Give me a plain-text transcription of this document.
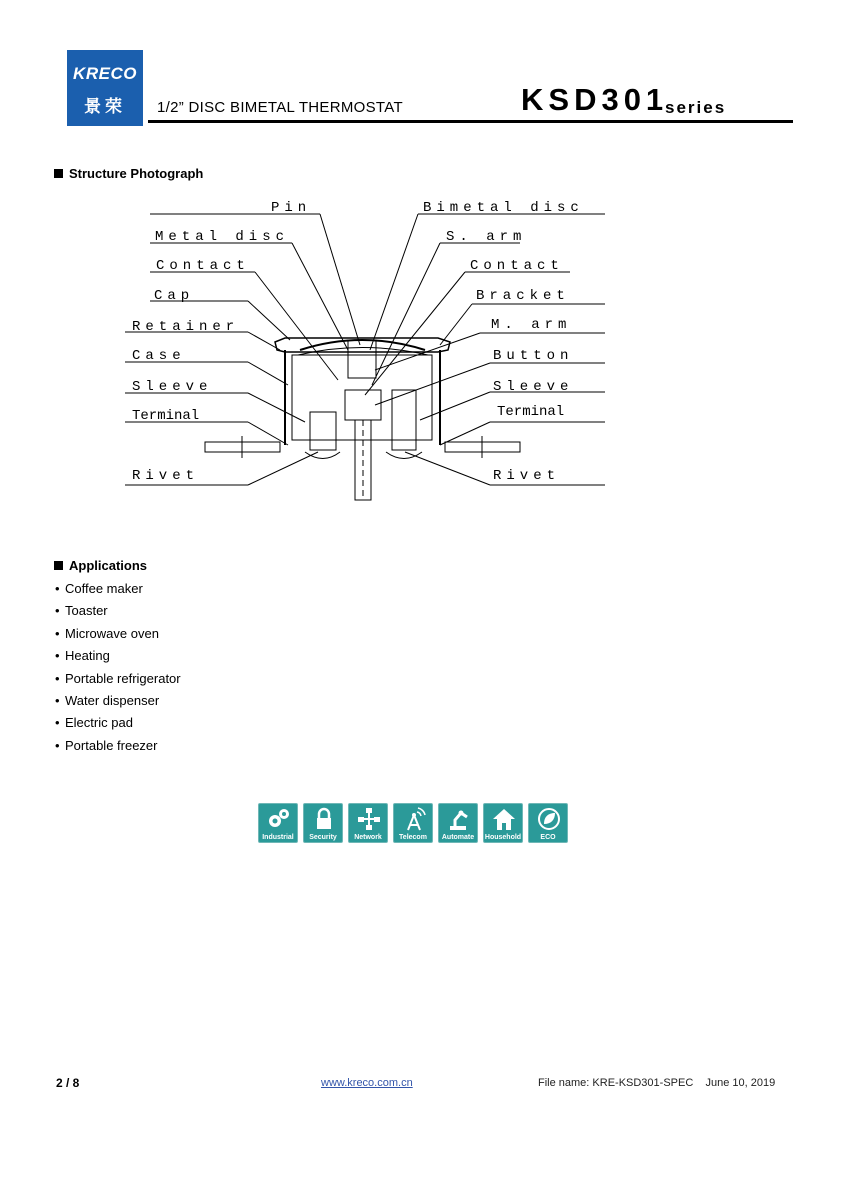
KRECO
景荣	1/2” DISC BIMETAL THERMOSTAT	KSD301
series
Structure Photograph
Pin
Metal disc
Contact
Cap
Retainer
Case
Sleeve
Terminal
Rivet
Bimetal disc
S. arm
Contact
Bracket
M. arm
Button
Sleeve
Terminal
Rivet
Applications
• Coffee maker
• Toaster
• Microwave oven
• Heating
• Portable refrigerator
• Water dispenser
• Electric pad
• Portable freezer
Industrial	Security	Network	Telecom	Automate	Household	ECO
2 / 8	www.kreco.com.cn	File name: KRE-KSD301-SPEC    June 10, 2019
